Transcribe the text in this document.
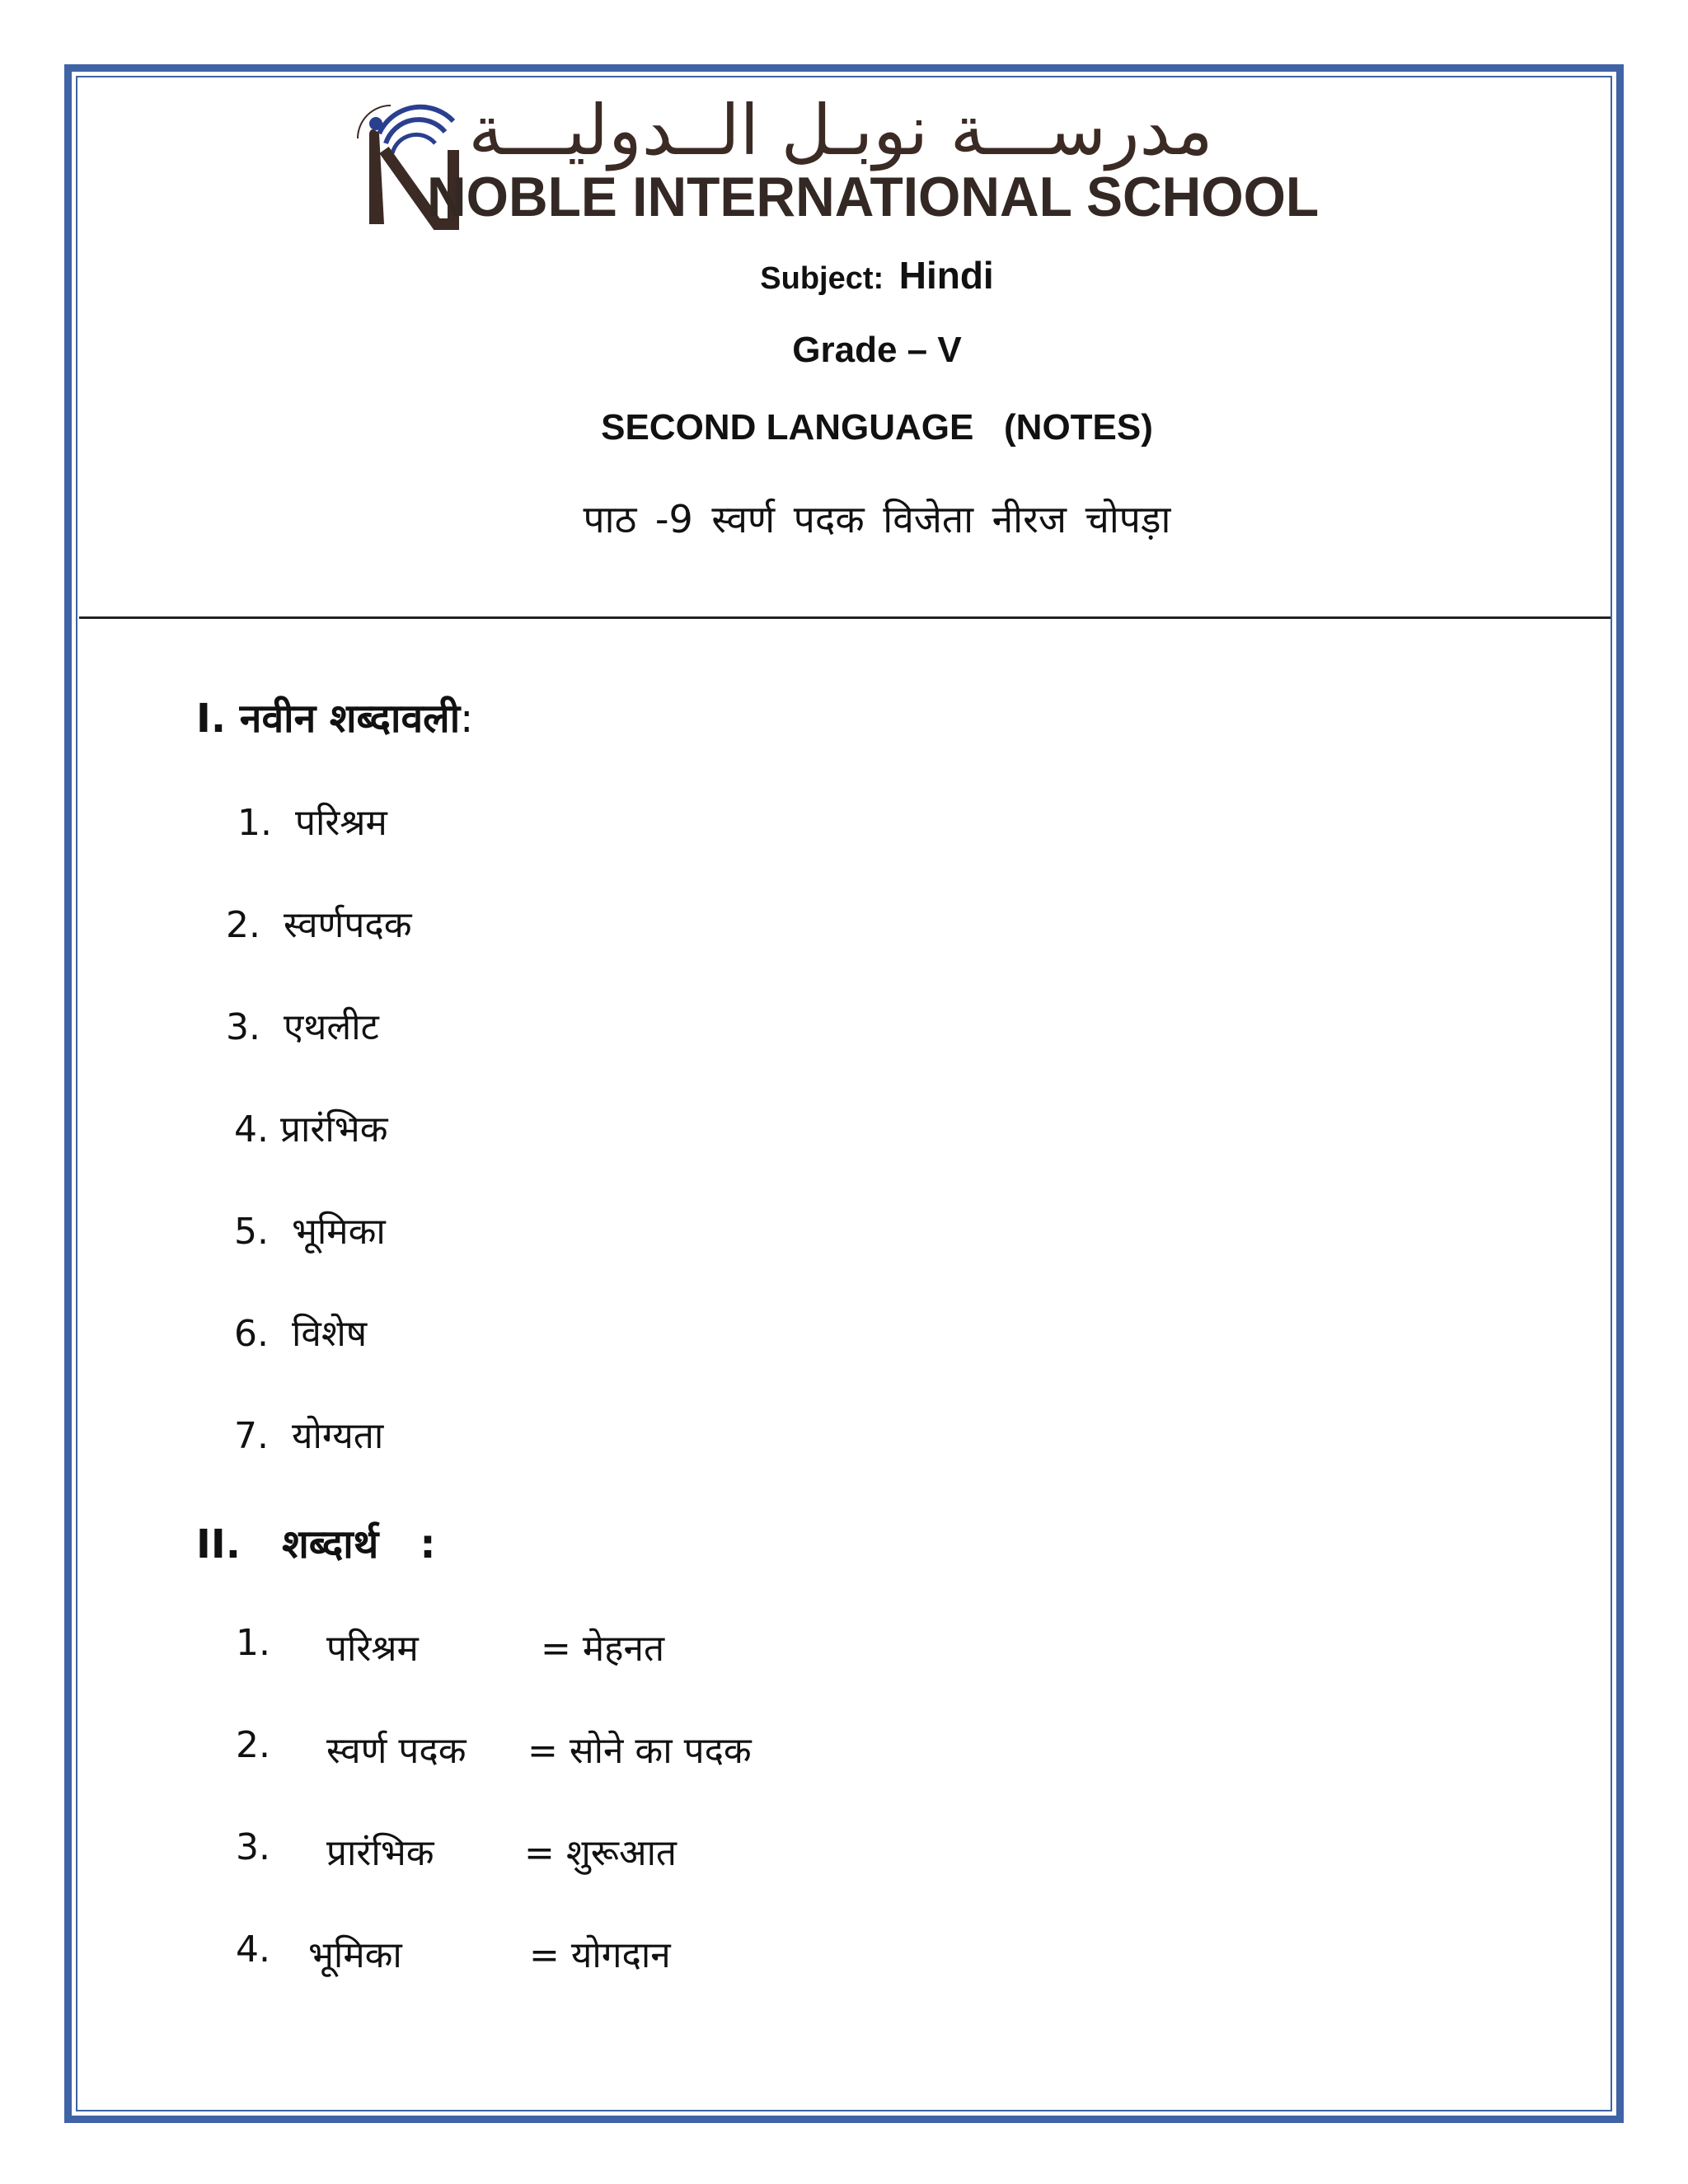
مدرســـة نوبـل الــدوليـــة
NOBLE INTERNATIONAL SCHOOL
Subject: Hindi
Grade – V
SECOND LANGUAGE   (NOTES)
पाठ -9 स्वर्ण पदक विजेता नीरज चोपड़ा
I. नवीन शब्दावली:
1. परिश्रम
2. स्वर्णपदक
3. एथलीट
4. प्रारंभिक
5. भूमिका
6. विशेष
7. योग्यता
II.   शब्दार्थ   :
1. परिश्रम	= मेहनत
2. स्वर्ण पदक = सोने का पदक
3. प्रारंभिक = शुरूआत
4. भूमिका	= योगदान
